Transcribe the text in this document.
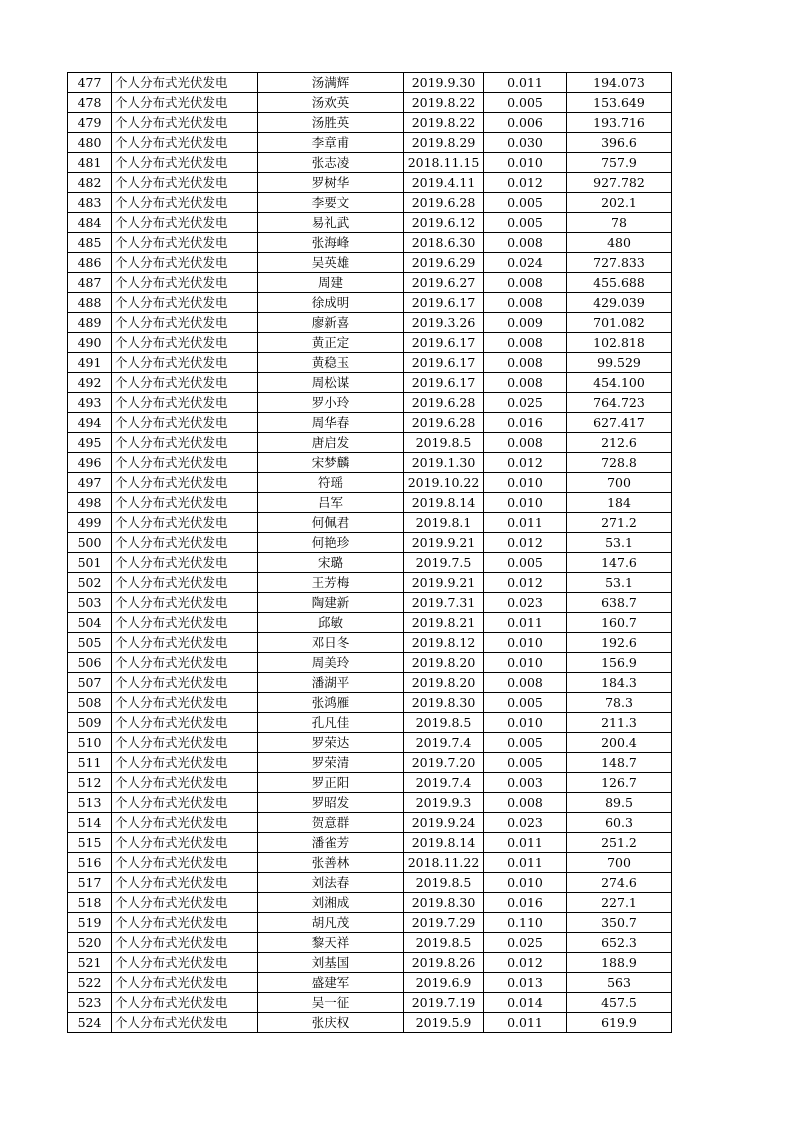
477	个人分布式光伏发电	汤满辉	2019.9.30	0.011	194.073
478	个人分布式光伏发电	汤欢英	2019.8.22	0.005	153.649
479	个人分布式光伏发电	汤胜英	2019.8.22	0.006	193.716
480	个人分布式光伏发电	李章甫	2019.8.29	0.030	396.6
481	个人分布式光伏发电	张志凌	2018.11.15	0.010	757.9
482	个人分布式光伏发电	罗树华	2019.4.11	0.012	927.782
483	个人分布式光伏发电	李要文	2019.6.28	0.005	202.1
484	个人分布式光伏发电	易礼武	2019.6.12	0.005	78
485	个人分布式光伏发电	张海峰	2018.6.30	0.008	480
486	个人分布式光伏发电	吴英雄	2019.6.29	0.024	727.833
487	个人分布式光伏发电	周建	2019.6.27	0.008	455.688
488	个人分布式光伏发电	徐成明	2019.6.17	0.008	429.039
489	个人分布式光伏发电	廖新喜	2019.3.26	0.009	701.082
490	个人分布式光伏发电	黄正定	2019.6.17	0.008	102.818
491	个人分布式光伏发电	黄稳玉	2019.6.17	0.008	99.529
492	个人分布式光伏发电	周松谋	2019.6.17	0.008	454.100
493	个人分布式光伏发电	罗小玲	2019.6.28	0.025	764.723
494	个人分布式光伏发电	周华春	2019.6.28	0.016	627.417
495	个人分布式光伏发电	唐启发	2019.8.5	0.008	212.6
496	个人分布式光伏发电	宋梦麟	2019.1.30	0.012	728.8
497	个人分布式光伏发电	符瑶	2019.10.22	0.010	700
498	个人分布式光伏发电	吕军	2019.8.14	0.010	184
499	个人分布式光伏发电	何佩君	2019.8.1	0.011	271.2
500	个人分布式光伏发电	何艳珍	2019.9.21	0.012	53.1
501	个人分布式光伏发电	宋璐	2019.7.5	0.005	147.6
502	个人分布式光伏发电	王芳梅	2019.9.21	0.012	53.1
503	个人分布式光伏发电	陶建新	2019.7.31	0.023	638.7
504	个人分布式光伏发电	邱敏	2019.8.21	0.011	160.7
505	个人分布式光伏发电	邓日冬	2019.8.12	0.010	192.6
506	个人分布式光伏发电	周美玲	2019.8.20	0.010	156.9
507	个人分布式光伏发电	潘湖平	2019.8.20	0.008	184.3
508	个人分布式光伏发电	张鸿雁	2019.8.30	0.005	78.3
509	个人分布式光伏发电	孔凡佳	2019.8.5	0.010	211.3
510	个人分布式光伏发电	罗荣达	2019.7.4	0.005	200.4
511	个人分布式光伏发电	罗荣清	2019.7.20	0.005	148.7
512	个人分布式光伏发电	罗正阳	2019.7.4	0.003	126.7
513	个人分布式光伏发电	罗昭发	2019.9.3	0.008	89.5
514	个人分布式光伏发电	贺意群	2019.9.24	0.023	60.3
515	个人分布式光伏发电	潘雀芳	2019.8.14	0.011	251.2
516	个人分布式光伏发电	张善林	2018.11.22	0.011	700
517	个人分布式光伏发电	刘法春	2019.8.5	0.010	274.6
518	个人分布式光伏发电	刘湘成	2019.8.30	0.016	227.1
519	个人分布式光伏发电	胡凡茂	2019.7.29	0.110	350.7
520	个人分布式光伏发电	黎天祥	2019.8.5	0.025	652.3
521	个人分布式光伏发电	刘基国	2019.8.26	0.012	188.9
522	个人分布式光伏发电	盛建军	2019.6.9	0.013	563
523	个人分布式光伏发电	吴一征	2019.7.19	0.014	457.5
524	个人分布式光伏发电	张庆权	2019.5.9	0.011	619.9
